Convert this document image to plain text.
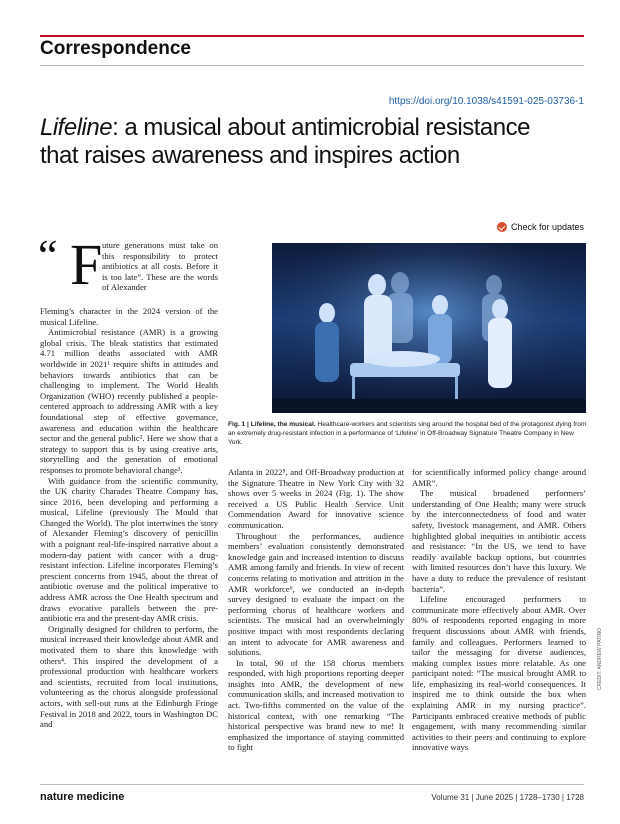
Correspondence
https://doi.org/10.1038/s41591-025-03736-1
Lifeline: a musical about antimicrobial resistance that raises awareness and inspires action
Check for updates
“ F uture generations must take on this responsibility to protect antibiotics at all costs. Before it is too late”. These are the words of Alexander

Fleming’s character in the 2024 version of the musical Lifeline.

Antimicrobial resistance (AMR) is a growing global crisis. The bleak statistics that estimated 4.71 million deaths associated with AMR worldwide in 2021¹ require shifts in attitudes and behaviors towards antibiotics that can be challenging to implement. The World Health Organization (WHO) recently published a people-centered approach to addressing AMR with a key foundational step of effective governance, awareness and education within the healthcare sector and the general public². Here we show that a strategy to support this is by using creative arts, storytelling and the generation of emotional responses to promote behavioral change³.

With guidance from the scientific community, the UK charity Charades Theatre Company has, since 2016, been developing and performing a musical, Lifeline (previously The Mould that Changed the World). The plot intertwines the story of Alexander Fleming’s discovery of penicillin with a poignant real-life-inspired narrative about a modern-day patient with cancer with a drug-resistant infection. Lifeline incorporates Fleming’s prescient concerns from 1945, about the threat of antibiotic overuse and the political imperative to address AMR across the One Health spectrum and draws evocative parallels between the pre-antibiotic era and the present-day AMR crisis.

Originally designed for children to perform, the musical increased their knowledge about AMR and motivated them to share this knowledge with others⁴. This inspired the development of a professional production with healthcare workers and scientists, recruited from local institutions, volunteering as the chorus alongside professional actors, with sell-out runs at the Edinburgh Fringe Festival in 2018 and 2022, tours in Washington DC and

Fig. 1 | Lifeline, the musical. Healthcare-workers and scientists sing around the hospital bed of the protagonist dying from an extremely drug-resistant infection in a performance of ‘Lifeline’ in Off-Broadway Signature Theatre Company in New York.

Atlanta in 2022⁵, and Off-Broadway production at the Signature Theatre in New York City with 32 shows over 5 weeks in 2024 (Fig. 1). The show received a US Public Health Service Unit Commendation Award for innovative science communication.

Throughout the performances, audience members’ evaluation consistently demonstrated knowledge gain and increased intention to discuss AMR among family and friends. In view of recent concerns relating to motivation and attrition in the AMR workforce⁶, we conducted an in-depth survey designed to evaluate the impact on the performing chorus of healthcare workers and scientists. The musical had an overwhelmingly positive impact with most respondents declaring an intent to advocate for AMR awareness and solutions.

In total, 90 of the 158 chorus members responded, with high proportions reporting deeper insights into AMR, the development of new communication skills, and increased motivation to act. Two-fifths commented on the value of the historical context, with one remarking “The historical perspective was brand new to me! It emphasized the importance of staying committed to fight

for scientifically informed policy change around AMR”.

The musical broadened performers’ understanding of One Health; many were struck by the interconnectedness of food and water safety, livestock management, and AMR. Others highlighted global inequities in antibiotic access and resistance: “In the US, we tend to have readily available backup options, but countries with limited resources don’t have this luxury. We have a duty to reduce the prevalence of resistant bacteria”.

Lifeline encouraged performers to communicate more effectively about AMR. Over 80% of respondents reported engaging in more frequent discussions about AMR with friends, family and colleagues. Performers learned to tailor the messaging for diverse audiences, making complex issues more relatable. As one participant noted: “The musical brought AMR to life, emphasizing its real-world consequences. It inspired me to think outside the box when explaining AMR in my nursing practice”. Participants embraced creative methods of public engagement, with many recommending similar activities to their peers and continuing to explore innovative ways

CREDIT: ANDREW PATINO
nature medicine	Volume 31 | June 2025 | 1728–1730 | 1728
